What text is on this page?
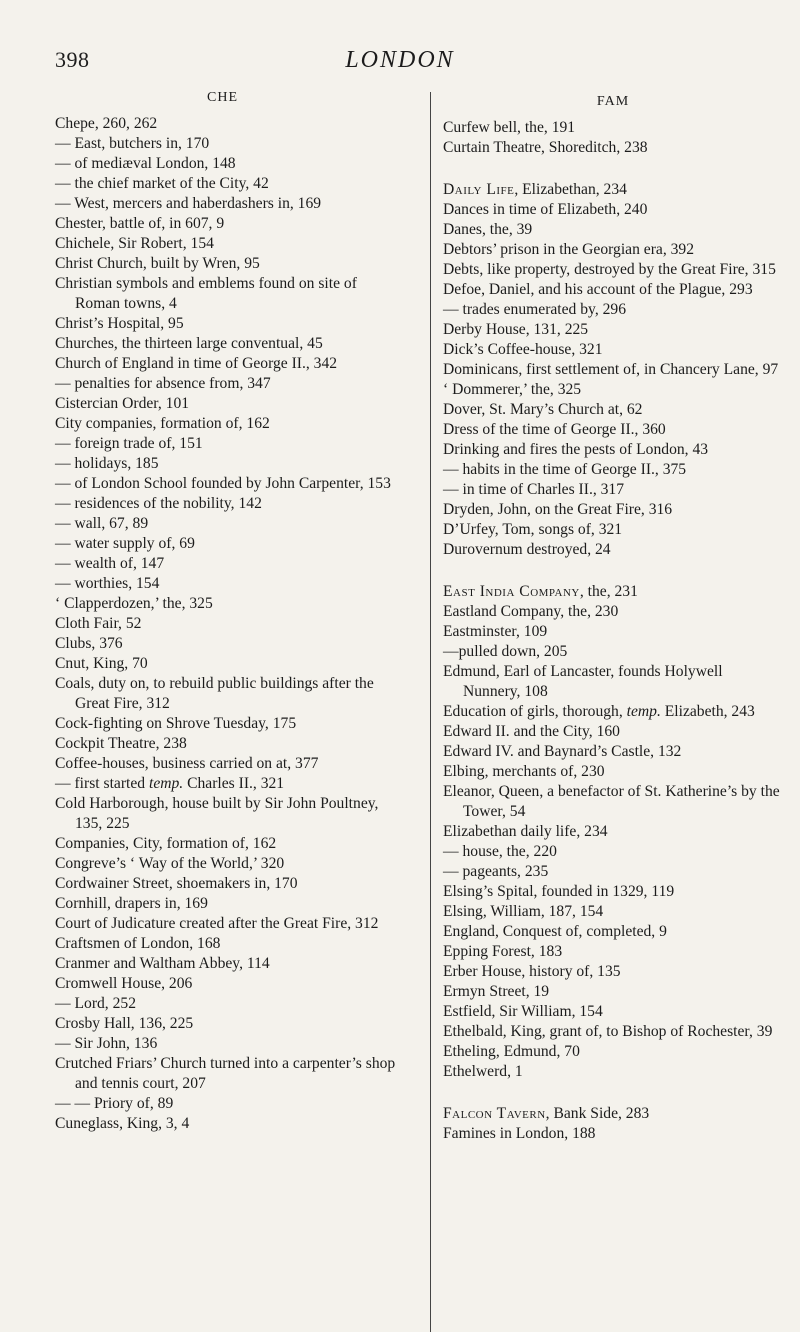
398	LONDON
CHE

Chepe, 260, 262

— East, butchers in, 170

— of mediæval London, 148

— the chief market of the City, 42

— West, mercers and haberdashers in, 169

Chester, battle of, in 607, 9

Chichele, Sir Robert, 154

Christ Church, built by Wren, 95

Christian symbols and emblems found on site of Roman towns, 4

Christ’s Hospital, 95

Churches, the thirteen large conventual, 45

Church of England in time of George II., 342

— penalties for absence from, 347

Cistercian Order, 101

City companies, formation of, 162

— foreign trade of, 151

— holidays, 185

— of London School founded by John Carpenter, 153

— residences of the nobility, 142

— wall, 67, 89

— water supply of, 69

— wealth of, 147

— worthies, 154

‘ Clapperdozen,’ the, 325

Cloth Fair, 52

Clubs, 376

Cnut, King, 70

Coals, duty on, to rebuild public buildings after the Great Fire, 312

Cock-fighting on Shrove Tuesday, 175

Cockpit Theatre, 238

Coffee-houses, business carried on at, 377

— first started temp. Charles II., 321

Cold Harborough, house built by Sir John Poultney, 135, 225

Companies, City, formation of, 162

Congreve’s ‘ Way of the World,’ 320

Cordwainer Street, shoemakers in, 170

Cornhill, drapers in, 169

Court of Judicature created after the Great Fire, 312

Craftsmen of London, 168

Cranmer and Waltham Abbey, 114

Cromwell House, 206

— Lord, 252

Crosby Hall, 136, 225

— Sir John, 136

Crutched Friars’ Church turned into a carpenter’s shop and tennis court, 207

— — Priory of, 89

Cuneglass, King, 3, 4

FAM

Curfew bell, the, 191

Curtain Theatre, Shoreditch, 238

Daily Life, Elizabethan, 234

Dances in time of Elizabeth, 240

Danes, the, 39

Debtors’ prison in the Georgian era, 392

Debts, like property, destroyed by the Great Fire, 315

Defoe, Daniel, and his account of the Plague, 293

— trades enumerated by, 296

Derby House, 131, 225

Dick’s Coffee-house, 321

Dominicans, first settlement of, in Chancery Lane, 97

‘ Dommerer,’ the, 325

Dover, St. Mary’s Church at, 62

Dress of the time of George II., 360

Drinking and fires the pests of London, 43

— habits in the time of George II., 375

— in time of Charles II., 317

Dryden, John, on the Great Fire, 316

D’Urfey, Tom, songs of, 321

Durovernum destroyed, 24

East India Company, the, 231

Eastland Company, the, 230

Eastminster, 109

—pulled down, 205

Edmund, Earl of Lancaster, founds Holywell Nunnery, 108

Education of girls, thorough, temp. Elizabeth, 243

Edward II. and the City, 160

Edward IV. and Baynard’s Castle, 132

Elbing, merchants of, 230

Eleanor, Queen, a benefactor of St. Katherine’s by the Tower, 54

Elizabethan daily life, 234

— house, the, 220

— pageants, 235

Elsing’s Spital, founded in 1329, 119

Elsing, William, 187, 154

England, Conquest of, completed, 9

Epping Forest, 183

Erber House, history of, 135

Ermyn Street, 19

Estfield, Sir William, 154

Ethelbald, King, grant of, to Bishop of Rochester, 39

Etheling, Edmund, 70

Ethelwerd, 1

Falcon Tavern, Bank Side, 283

Famines in London, 188
